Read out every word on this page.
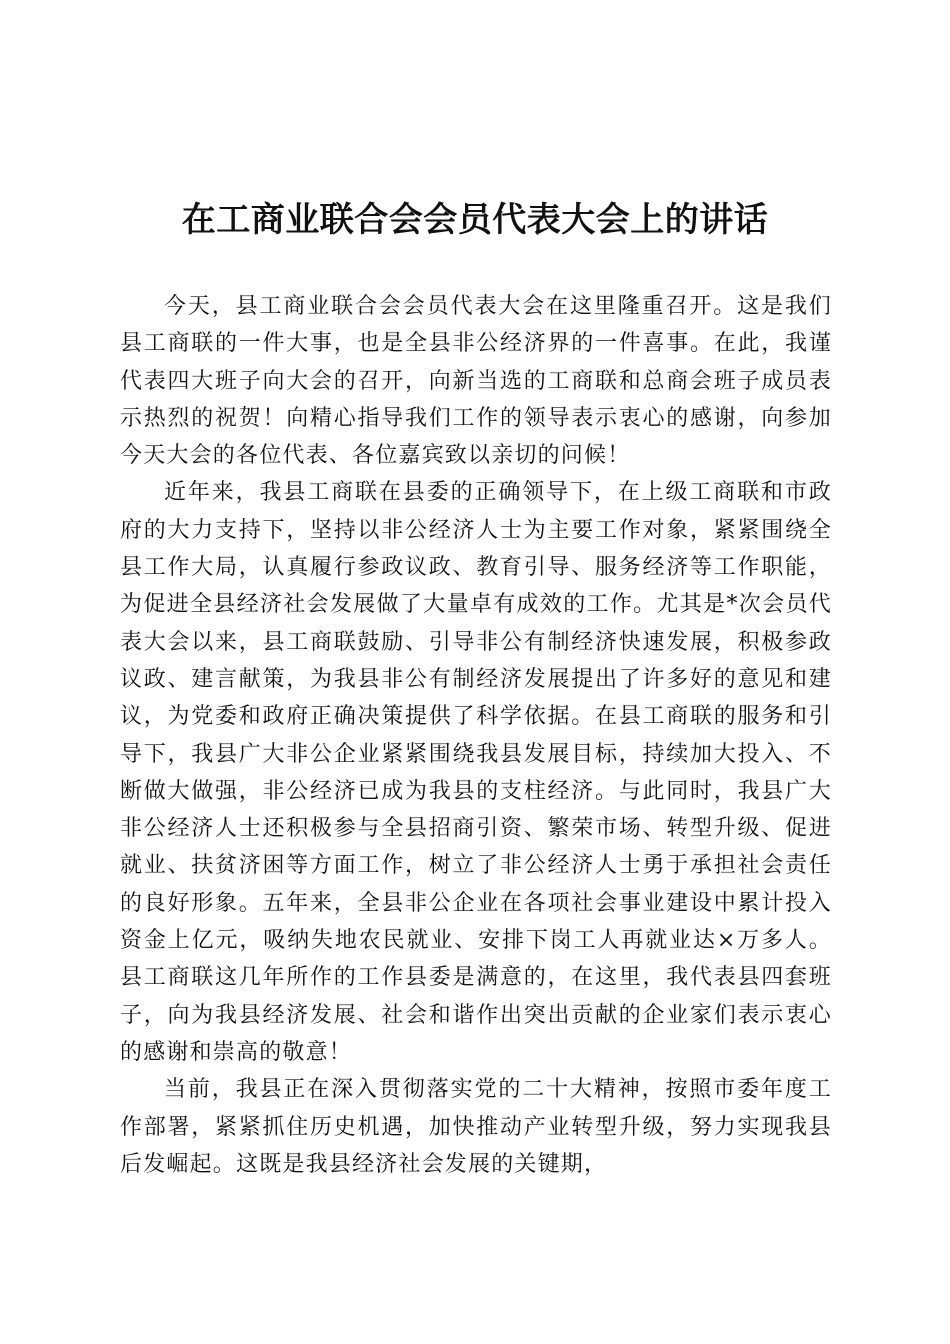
在工商业联合会会员代表大会上的讲话

今天，县工商业联合会会员代表大会在这里隆重召开。这是我们县工商联的一件大事，也是全县非公经济界的一件喜事。在此，我谨代表四大班子向大会的召开，向新当选的工商联和总商会班子成员表示热烈的祝贺！向精心指导我们工作的领导表示衷心的感谢，向参加今天大会的各位代表、各位嘉宾致以亲切的问候！

近年来，我县工商联在县委的正确领导下，在上级工商联和市政府的大力支持下，坚持以非公经济人士为主要工作对象，紧紧围绕全县工作大局，认真履行参政议政、教育引导、服务经济等工作职能，为促进全县经济社会发展做了大量卓有成效的工作。尤其是*次会员代表大会以来，县工商联鼓励、引导非公有制经济快速发展，积极参政议政、建言献策，为我县非公有制经济发展提出了许多好的意见和建议，为党委和政府正确决策提供了科学依据。在县工商联的服务和引导下，我县广大非公企业紧紧围绕我县发展目标，持续加大投入、不断做大做强，非公经济已成为我县的支柱经济。与此同时，我县广大非公经济人士还积极参与全县招商引资、繁荣市场、转型升级、促进就业、扶贫济困等方面工作，树立了非公经济人士勇于承担社会责任的良好形象。五年来，全县非公企业在各项社会事业建设中累计投入资金上亿元，吸纳失地农民就业、安排下岗工人再就业达×万多人。县工商联这几年所作的工作县委是满意的，在这里，我代表县四套班子，向为我县经济发展、社会和谐作出突出贡献的企业家们表示衷心的感谢和崇高的敬意！

当前，我县正在深入贯彻落实党的二十大精神，按照市委年度工作部署，紧紧抓住历史机遇，加快推动产业转型升级，努力实现我县后发崛起。这既是我县经济社会发展的关键期，
